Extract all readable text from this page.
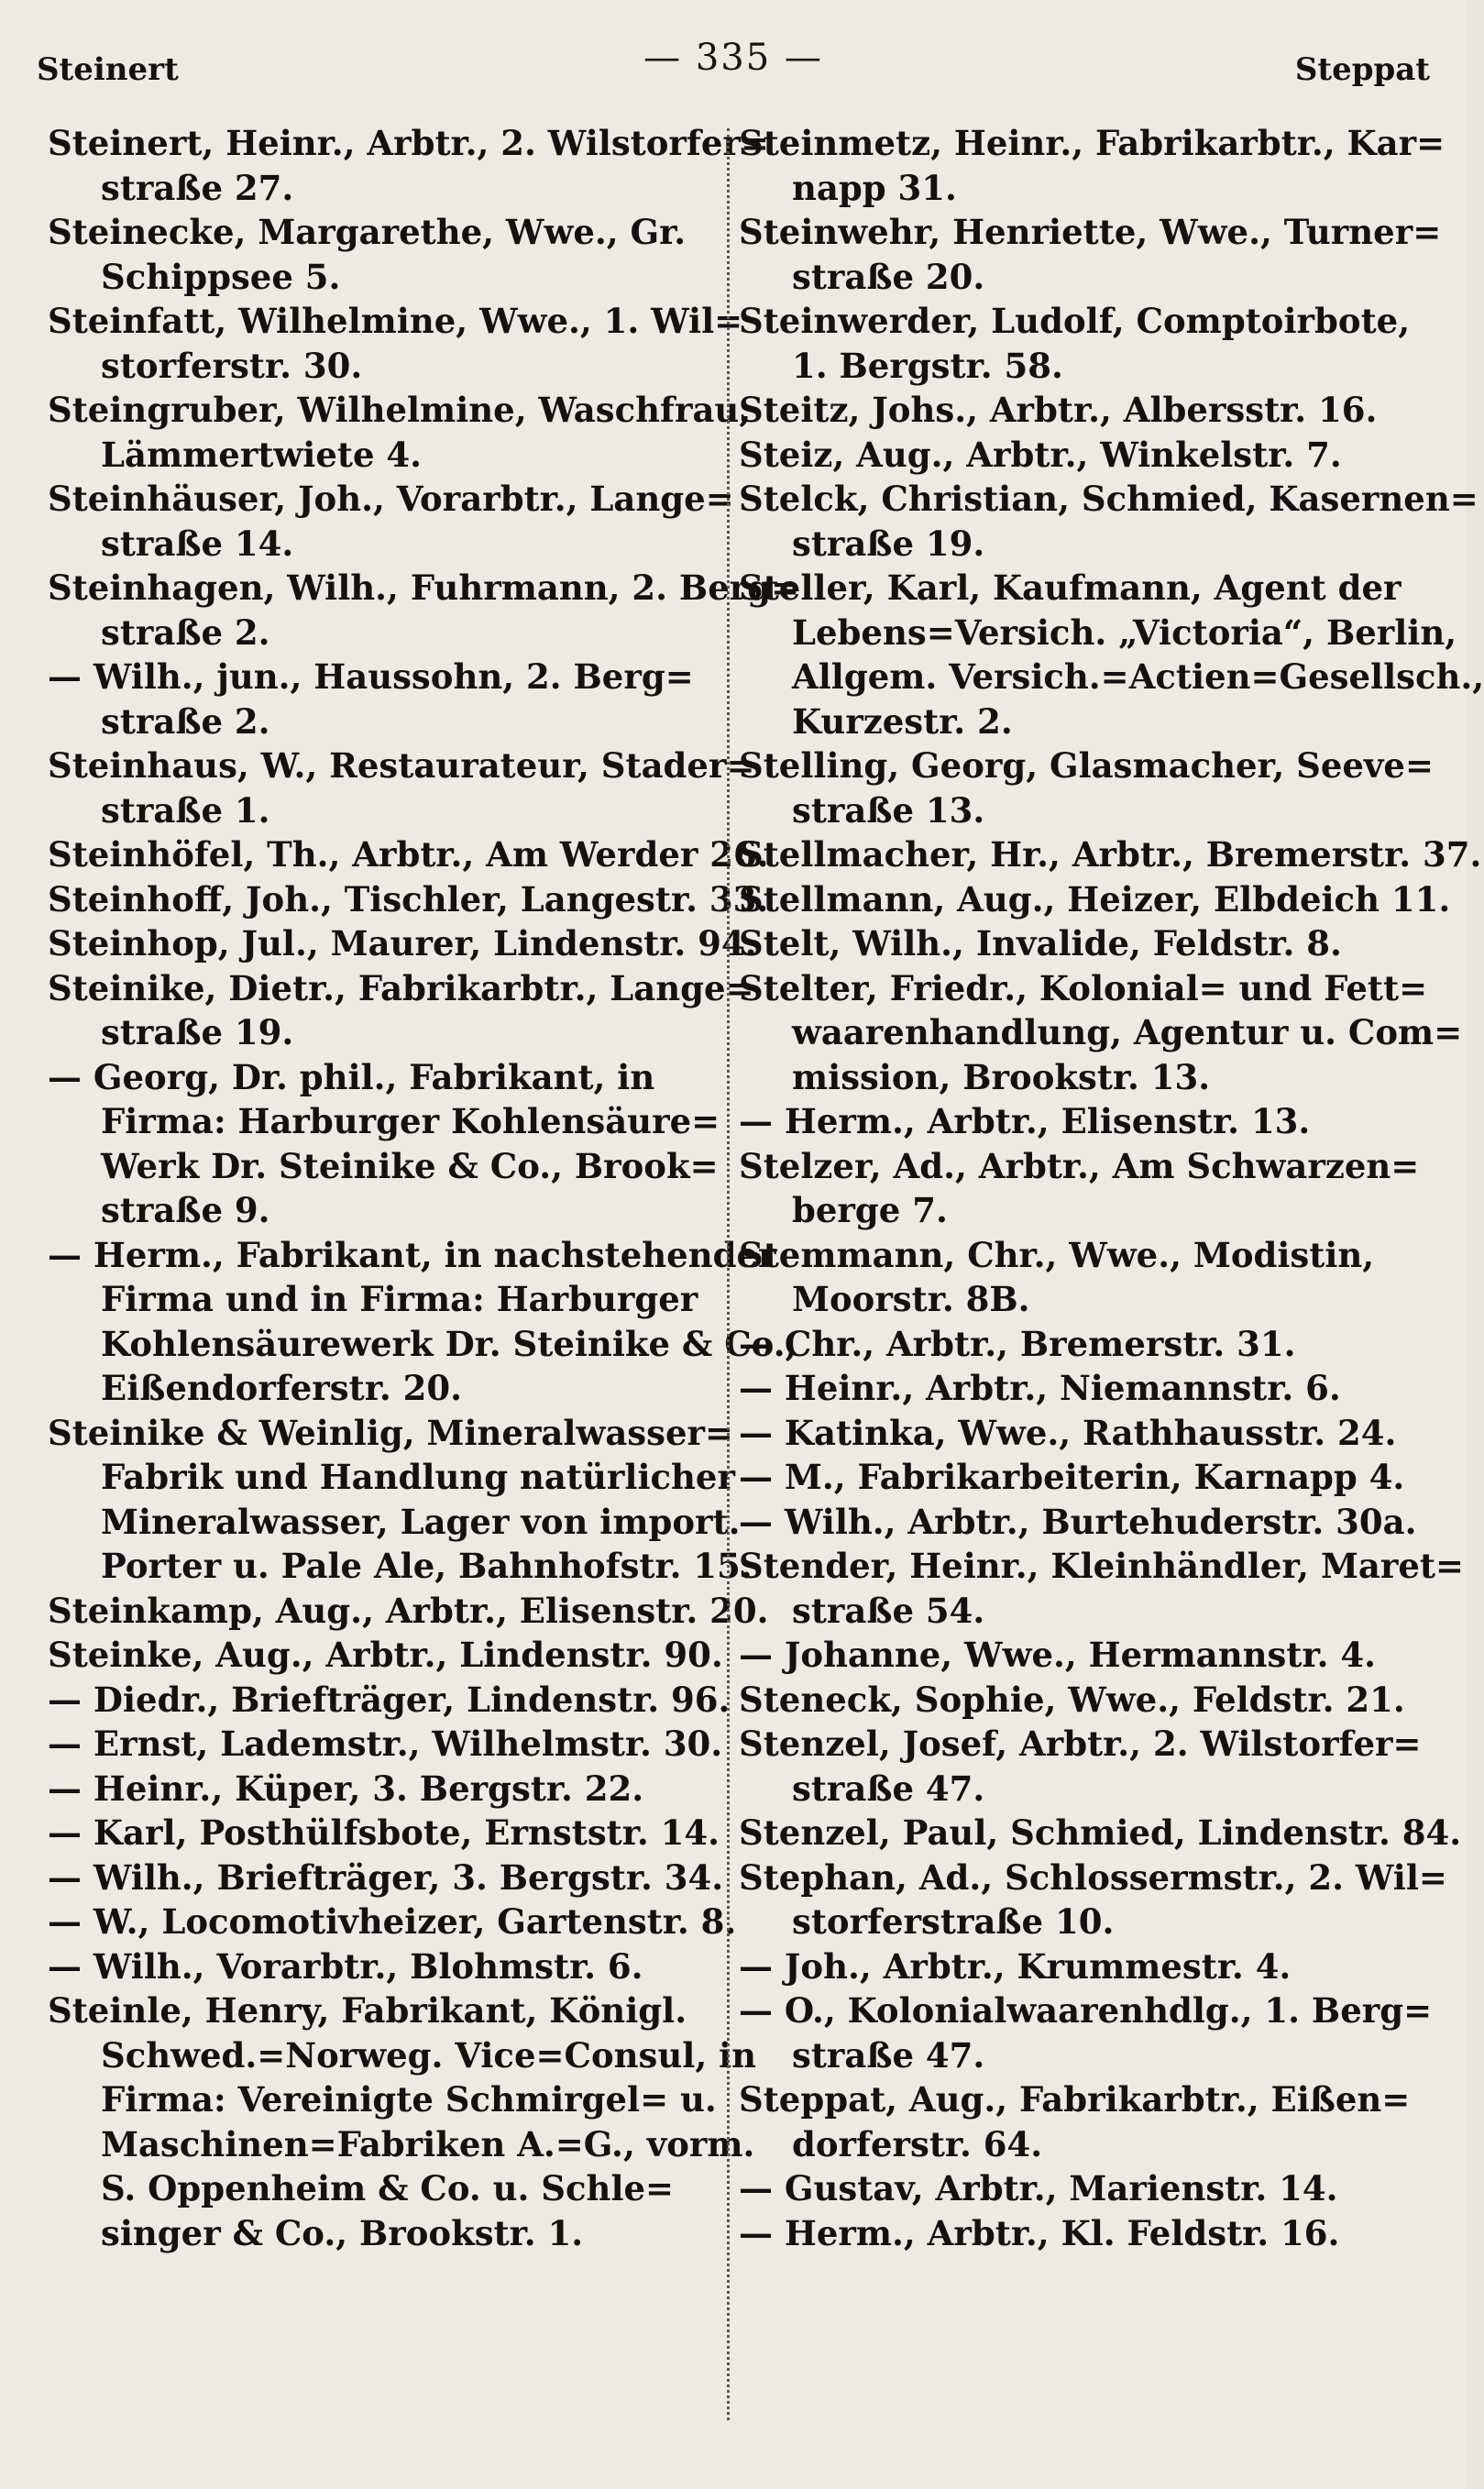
Steinert	— 335 —	Steppat
Steinert, Heinr., Arbtr., 2. Wilstorfer=
straße 27.
Steinecke, Margarethe, Wwe., Gr.
Schippsee 5.
Steinfatt, Wilhelmine, Wwe., 1. Wil=
storferstr. 30.
Steingruber, Wilhelmine, Waschfrau,
Lämmertwiete 4.
Steinhäuser, Joh., Vorarbtr., Lange=
straße 14.
Steinhagen, Wilh., Fuhrmann, 2. Berg=
straße 2.
— Wilh., jun., Haussohn, 2. Berg=
straße 2.
Steinhaus, W., Restaurateur, Stader=
straße 1.
Steinhöfel, Th., Arbtr., Am Werder 26.
Steinhoff, Joh., Tischler, Langestr. 33.
Steinhop, Jul., Maurer, Lindenstr. 94.
Steinike, Dietr., Fabrikarbtr., Lange=
straße 19.
— Georg, Dr. phil., Fabrikant, in
Firma: Harburger Kohlensäure=
Werk Dr. Steinike & Co., Brook=
straße 9.
— Herm., Fabrikant, in nachstehender
Firma und in Firma: Harburger
Kohlensäurewerk Dr. Steinike & Co.,
Eißendorferstr. 20.
Steinike & Weinlig, Mineralwasser=
Fabrik und Handlung natürlicher
Mineralwasser, Lager von import.
Porter u. Pale Ale, Bahnhofstr. 15.
Steinkamp, Aug., Arbtr., Elisenstr. 20.
Steinke, Aug., Arbtr., Lindenstr. 90.
— Diedr., Briefträger, Lindenstr. 96.
— Ernst, Lademstr., Wilhelmstr. 30.
— Heinr., Küper, 3. Bergstr. 22.
— Karl, Posthülfsbote, Ernststr. 14.
— Wilh., Briefträger, 3. Bergstr. 34.
— W., Locomotivheizer, Gartenstr. 8.
— Wilh., Vorarbtr., Blohmstr. 6.
Steinle, Henry, Fabrikant, Königl.
Schwed.=Norweg. Vice=Consul, in
Firma: Vereinigte Schmirgel= u.
Maschinen=Fabriken A.=G., vorm.
S. Oppenheim & Co. u. Schle=
singer & Co., Brookstr. 1.
Steinmetz, Heinr., Fabrikarbtr., Kar=
napp 31.
Steinwehr, Henriette, Wwe., Turner=
straße 20.
Steinwerder, Ludolf, Comptoirbote,
1. Bergstr. 58.
Steitz, Johs., Arbtr., Albersstr. 16.
Steiz, Aug., Arbtr., Winkelstr. 7.
Stelck, Christian, Schmied, Kasernen=
straße 19.
Steller, Karl, Kaufmann, Agent der
Lebens=Versich. „Victoria“, Berlin,
Allgem. Versich.=Actien=Gesellsch.,
Kurzestr. 2.
Stelling, Georg, Glasmacher, Seeve=
straße 13.
Stellmacher, Hr., Arbtr., Bremerstr. 37.
Stellmann, Aug., Heizer, Elbdeich 11.
Stelt, Wilh., Invalide, Feldstr. 8.
Stelter, Friedr., Kolonial= und Fett=
waarenhandlung, Agentur u. Com=
mission, Brookstr. 13.
— Herm., Arbtr., Elisenstr. 13.
Stelzer, Ad., Arbtr., Am Schwarzen=
berge 7.
Stemmann, Chr., Wwe., Modistin,
Moorstr. 8B.
— Chr., Arbtr., Bremerstr. 31.
— Heinr., Arbtr., Niemannstr. 6.
— Katinka, Wwe., Rathhausstr. 24.
— M., Fabrikarbeiterin, Karnapp 4.
— Wilh., Arbtr., Burtehuderstr. 30a.
Stender, Heinr., Kleinhändler, Maret=
straße 54.
— Johanne, Wwe., Hermannstr. 4.
Steneck, Sophie, Wwe., Feldstr. 21.
Stenzel, Josef, Arbtr., 2. Wilstorfer=
straße 47.
Stenzel, Paul, Schmied, Lindenstr. 84.
Stephan, Ad., Schlossermstr., 2. Wil=
storferstraße 10.
— Joh., Arbtr., Krummestr. 4.
— O., Kolonialwaarenhdlg., 1. Berg=
straße 47.
Steppat, Aug., Fabrikarbtr., Eißen=
dorferstr. 64.
— Gustav, Arbtr., Marienstr. 14.
— Herm., Arbtr., Kl. Feldstr. 16.
